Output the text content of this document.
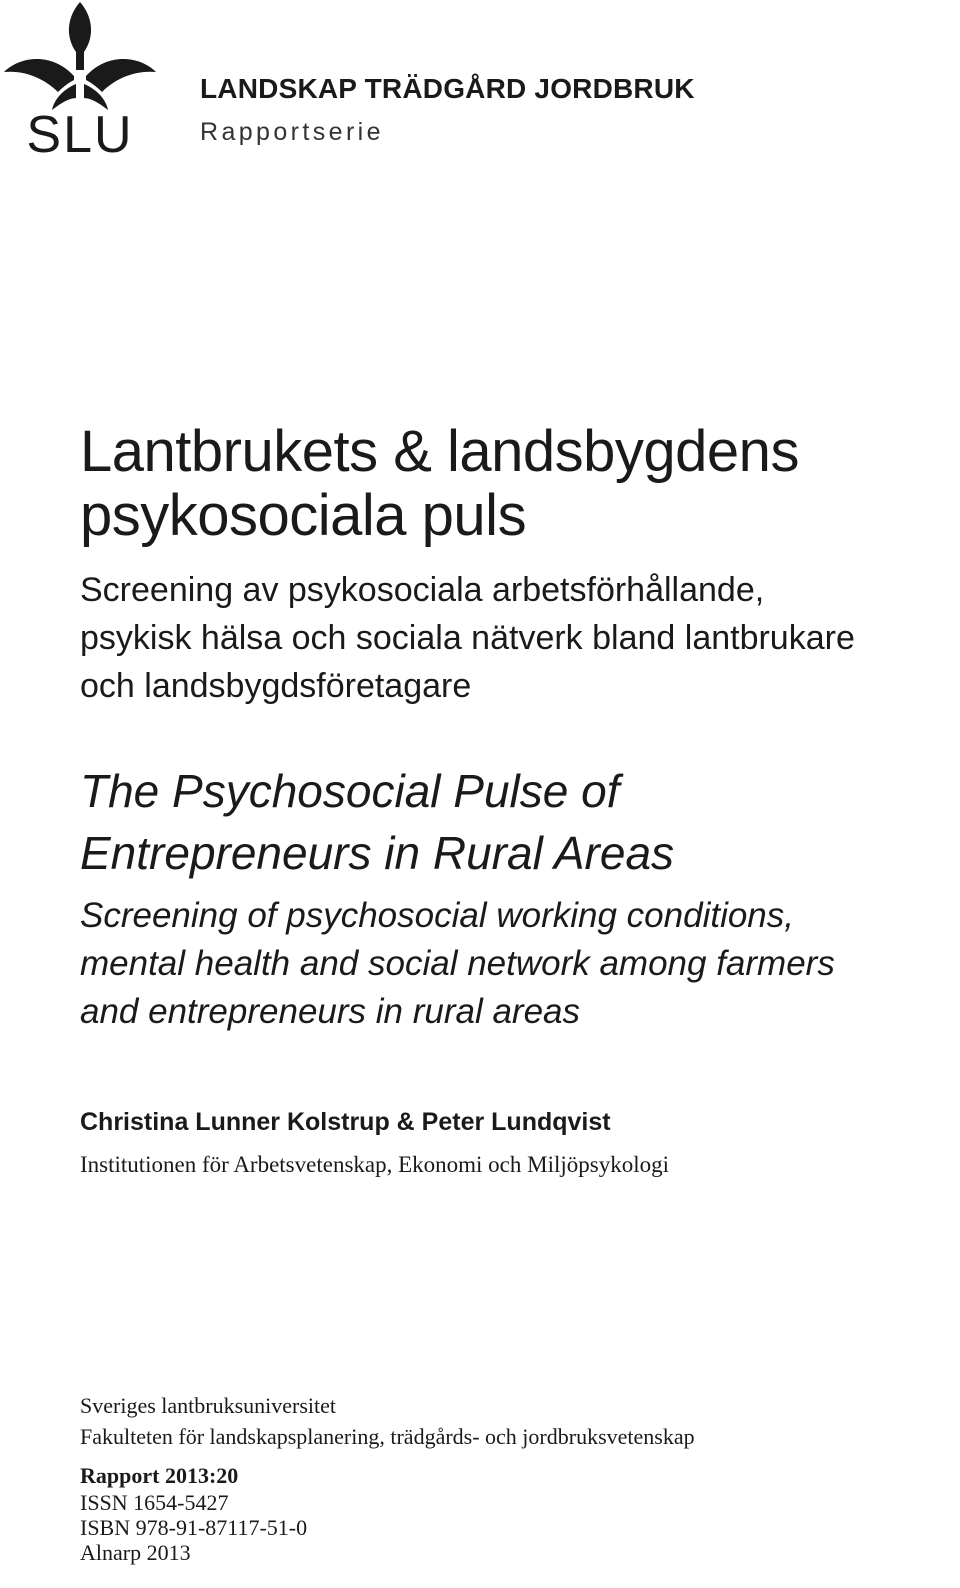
SLU
LANDSKAP TRÄDGÅRD JORDBRUK
Rapportserie
Lantbrukets & landsbygdens
psykosociala puls
Screening av psykosociala arbetsförhållande,
psykisk hälsa och sociala nätverk bland lantbrukare
och landsbygdsföretagare
The Psychosocial Pulse of
Entrepreneurs in Rural Areas
Screening of psychosocial working conditions,
mental health and social network among farmers
and entrepreneurs in rural areas
Christina Lunner Kolstrup & Peter Lundqvist
Institutionen för Arbetsvetenskap, Ekonomi och Miljöpsykologi
Sveriges lantbruksuniversitet
Fakulteten för landskapsplanering, trädgårds- och jordbruksvetenskap
Rapport 2013:20
ISSN 1654-5427
ISBN 978-91-87117-51-0
Alnarp 2013
